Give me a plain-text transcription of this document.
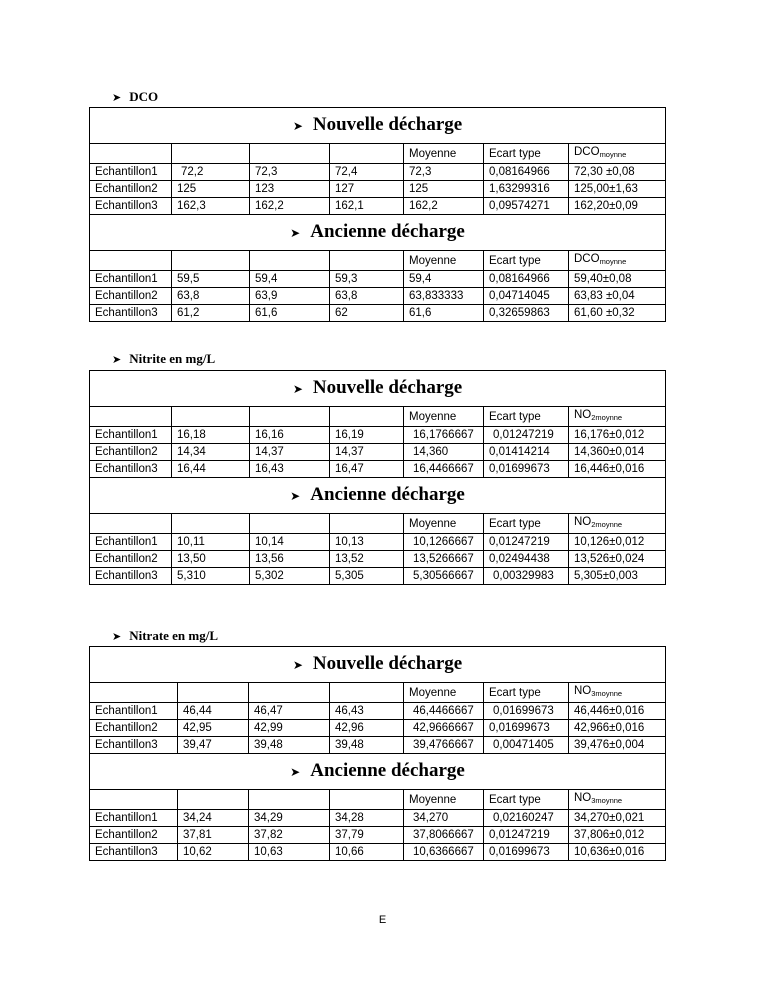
➤ DCO
➤ Nouvelle décharge						
				Moyenne	Ecart type	$DCO_{moynne}$
Echantillon1	72,2	72,3	72,4	72,3	0,08164966	72,30 ±0,08
Echantillon2	125	123	127	125	1,63299316	125,00±1,63
Echantillon3	162,3	162,2	162,1	162,2	0,09574271	162,20±0,09
➤ Ancienne décharge						
				Moyenne	Ecart type	$DCO_{moynne}$
Echantillon1	59,5	59,4	59,3	59,4	0,08164966	59,40±0,08
Echantillon2	63,8	63,9	63,8	63,833333	0,04714045	63,83 ±0,04
Echantillon3	61,2	61,6	62	61,6	0,32659863	61,60 ±0,32
➤ Nitrite en mg/L
➤ Nouvelle décharge						
				Moyenne	Ecart type	$NO_{2moynne}$
Echantillon1	16,18	16,16	16,19	16,1766667	0,01247219	16,176±0,012
Echantillon2	14,34	14,37	14,37	14,360	0,01414214	14,360±0,014
Echantillon3	16,44	16,43	16,47	16,4466667	0,01699673	16,446±0,016
➤ Ancienne décharge						
				Moyenne	Ecart type	$NO_{2moynne}$
Echantillon1	10,11	10,14	10,13	10,1266667	0,01247219	10,126±0,012
Echantillon2	13,50	13,56	13,52	13,5266667	0,02494438	13,526±0,024
Echantillon3	5,310	5,302	5,305	5,30566667	0,00329983	5,305±0,003
➤ Nitrate en mg/L
➤ Nouvelle décharge						
				Moyenne	Ecart type	$NO_{3moynne}$
Echantillon1	46,44	46,47	46,43	46,4466667	0,01699673	46,446±0,016
Echantillon2	42,95	42,99	42,96	42,9666667	0,01699673	42,966±0,016
Echantillon3	39,47	39,48	39,48	39,4766667	0,00471405	39,476±0,004
➤ Ancienne décharge						
				Moyenne	Ecart type	$NO_{3moynne}$
Echantillon1	34,24	34,29	34,28	34,270	0,02160247	34,270±0,021
Echantillon2	37,81	37,82	37,79	37,8066667	0,01247219	37,806±0,012
Echantillon3	10,62	10,63	10,66	10,6366667	0,01699673	10,636±0,016
E
